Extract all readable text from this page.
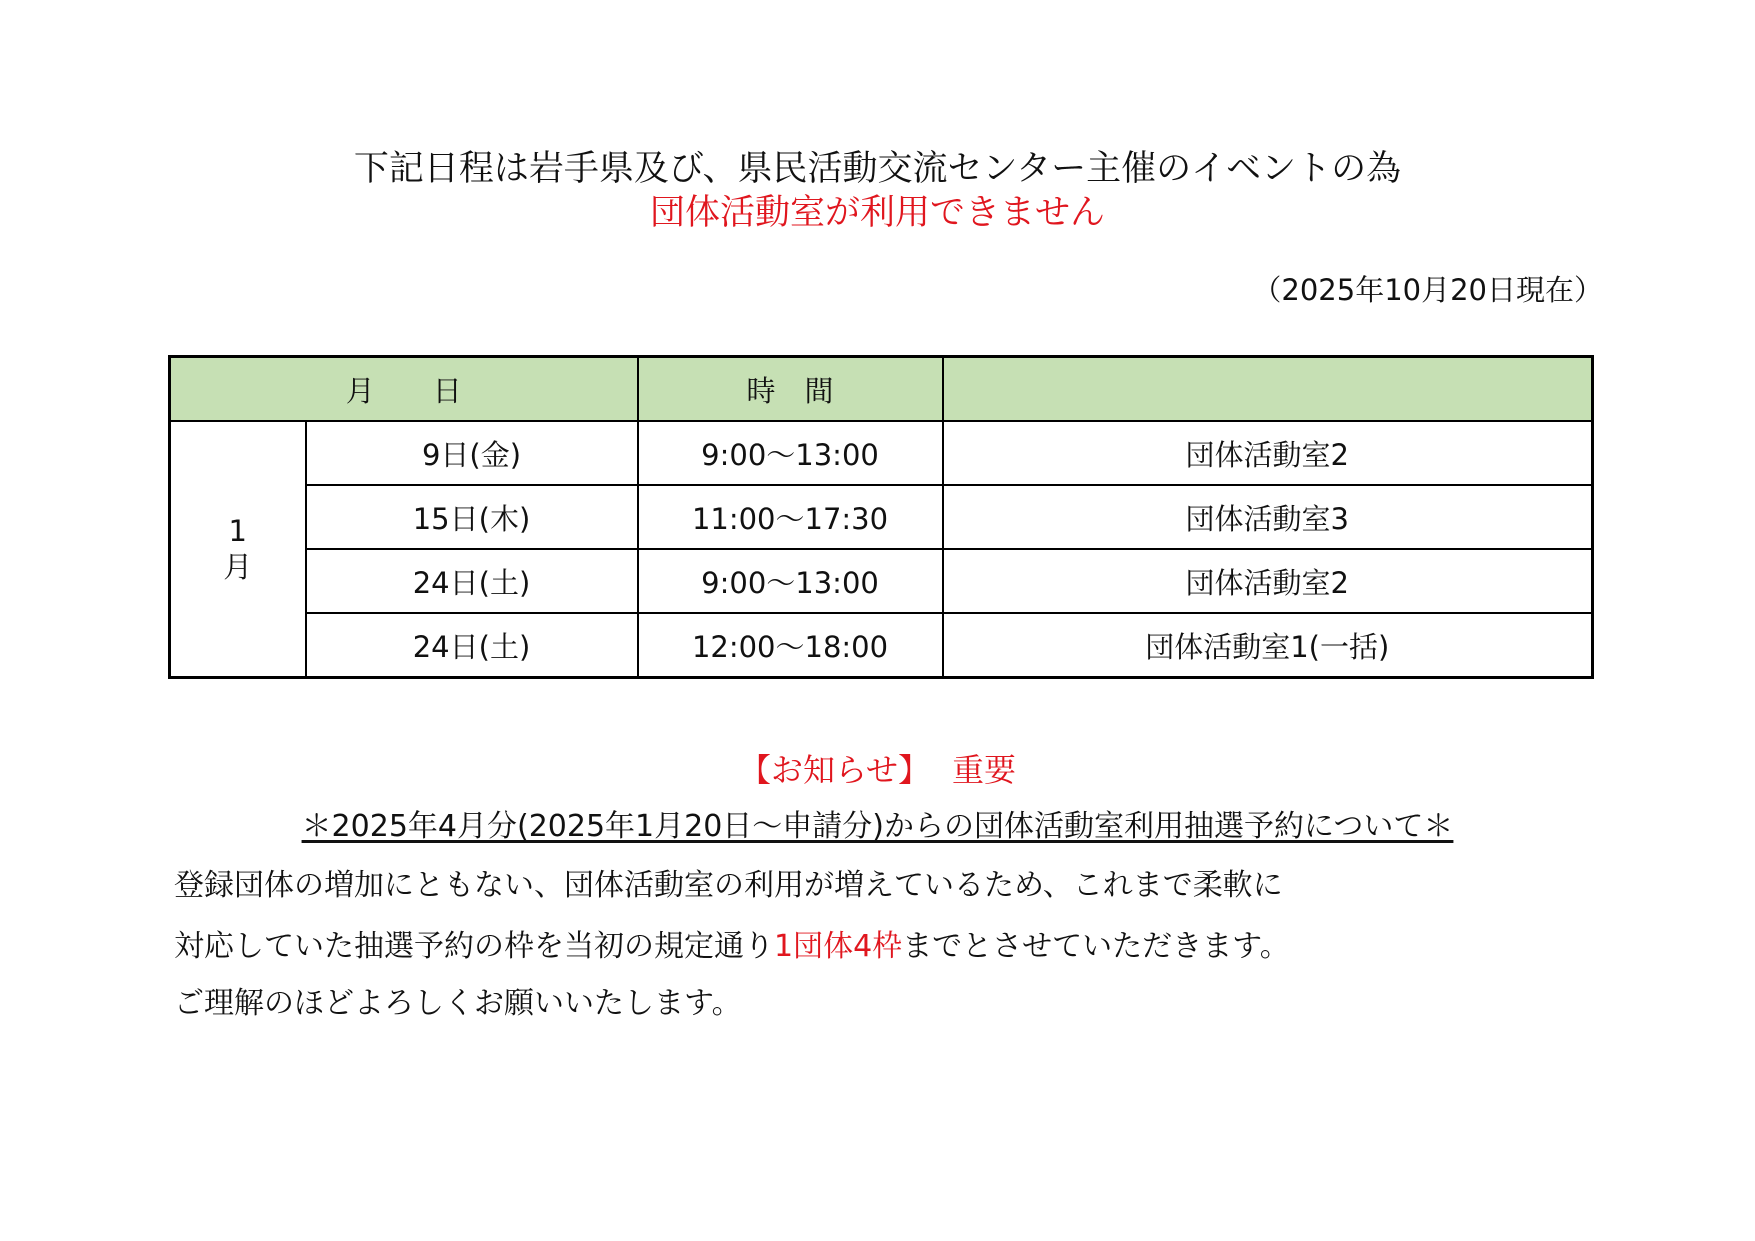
下記日程は岩手県及び、県民活動交流センター主催のイベントの為
団体活動室が利用できません
（2025年10月20日現在）
月　　日		時　間	

1
月	9日(金)	9:00～13:00	団体活動室2
	15日(木)	11:00～17:30	団体活動室3
	24日(土)	9:00～13:00	団体活動室2
	24日(土)	12:00～18:00	団体活動室1(一括)
【お知らせ】 重要
＊2025年4月分(2025年1月20日～申請分)からの団体活動室利用抽選予約について＊
登録団体の増加にともない、団体活動室の利用が増えているため、これまで柔軟に
対応していた抽選予約の枠を当初の規定通り1団体4枠までとさせていただきます。
ご理解のほどよろしくお願いいたします。
